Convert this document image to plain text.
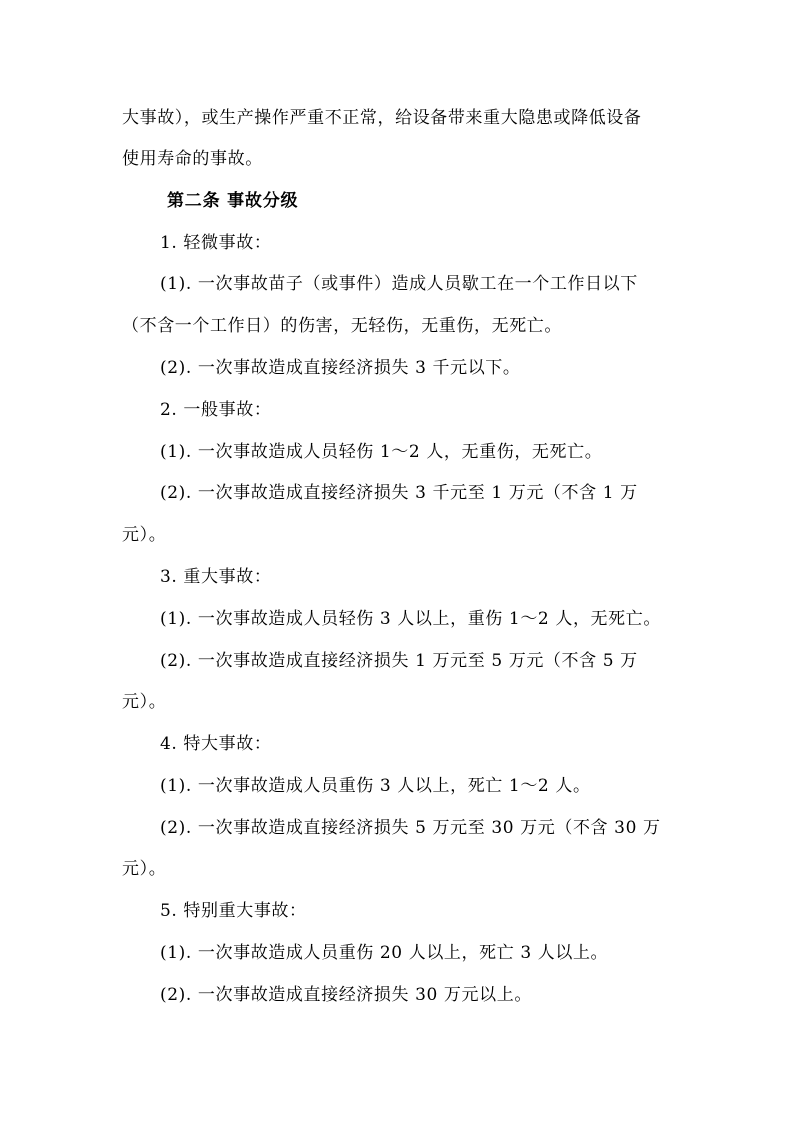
大事故），或生产操作严重不正常，给设备带来重大隐患或降低设备
使用寿命的事故。
第二条 事故分级
1. 轻微事故：
(1). 一次事故苗子（或事件）造成人员歇工在一个工作日以下
（不含一个工作日）的伤害，无轻伤，无重伤，无死亡。
(2). 一次事故造成直接经济损失 3 千元以下。
2. 一般事故：
(1). 一次事故造成人员轻伤 1～2 人，无重伤，无死亡。
(2). 一次事故造成直接经济损失 3 千元至 1 万元（不含 1 万
元）。
3. 重大事故：
(1). 一次事故造成人员轻伤 3 人以上，重伤 1～2 人，无死亡。
(2). 一次事故造成直接经济损失 1 万元至 5 万元（不含 5 万
元）。
4. 特大事故：
(1). 一次事故造成人员重伤 3 人以上，死亡 1～2 人。
(2). 一次事故造成直接经济损失 5 万元至 30 万元（不含 30 万
元）。
5. 特别重大事故：
(1). 一次事故造成人员重伤 20 人以上，死亡 3 人以上。
(2). 一次事故造成直接经济损失 30 万元以上。
